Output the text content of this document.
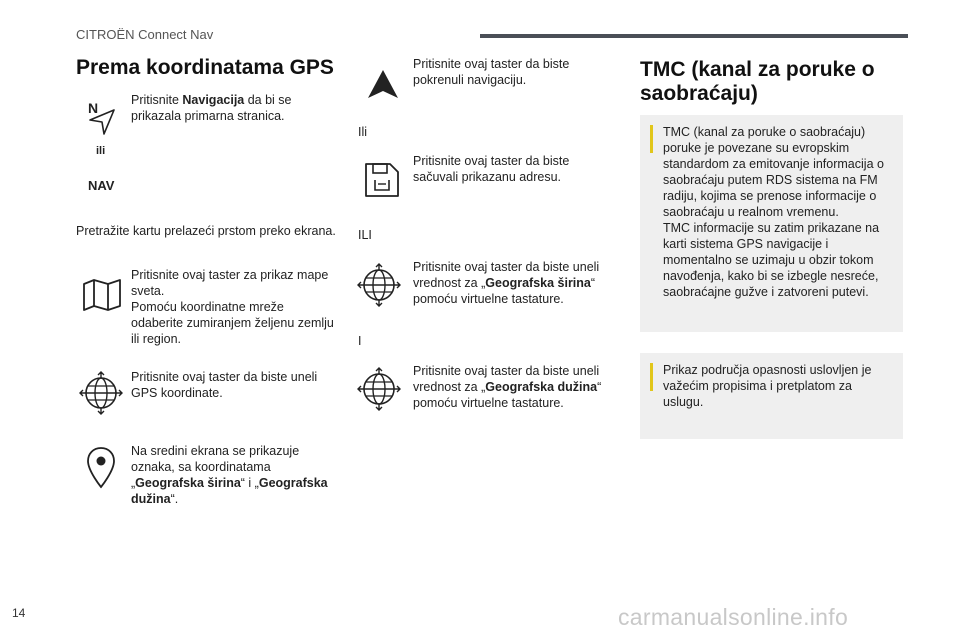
CITROËN Connect Nav
Prema koordinatama GPS
N
ili
NAV
Pritisnite Navigacija da bi se prikazala primarna stranica.
Pretražite kartu prelazeći prstom preko ekrana.
Pritisnite ovaj taster za prikaz mape sveta.
Pomoću koordinatne mreže odaberite zumiranjem željenu zemlju ili region.
Pritisnite ovaj taster da biste uneli GPS koordinate.
Na sredini ekrana se prikazuje oznaka, sa koordinatama „Geografska širina“ i „Geografska dužina“.
Pritisnite ovaj taster da biste pokrenuli navigaciju.
Ili
Pritisnite ovaj taster da biste sačuvali prikazanu adresu.
ILI
Pritisnite ovaj taster da biste uneli vrednost za „Geografska širina“ pomoću virtuelne tastature.
I
Pritisnite ovaj taster da biste uneli vrednost za „Geografska dužina“ pomoću virtuelne tastature.
TMC (kanal za poruke o saobraćaju)
TMC (kanal za poruke o saobraćaju) poruke je povezane su evropskim standardom za emitovanje informacija o saobraćaju putem RDS sistema na FM radiju, kojima se prenose informacije o saobraćaju u realnom vremenu.
TMC informacije su zatim prikazane na karti sistema GPS navigacije i momentalno se uzimaju u obzir tokom navođenja, kako bi se izbegle nesreće, saobraćajne gužve i zatvoreni putevi.
Prikaz područja opasnosti uslovljen je važećim propisima i pretplatom za uslugu.
14	carmanualsonline.info
